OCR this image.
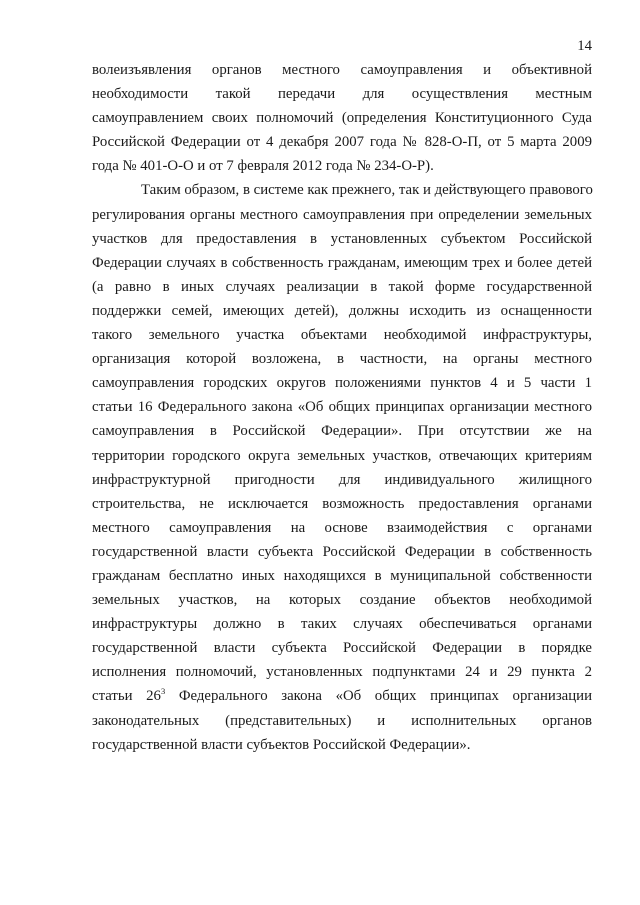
14
волеизъявления органов местного самоуправления и объективной
необходимости такой передачи для осуществления местным
самоуправлением своих полномочий (определения Конституционного Суда
Российской Федерации от 4 декабря 2007 года № 828-О-П, от 5 марта 2009
года № 401-О-О и от 7 февраля 2012 года № 234-О-Р).
Таким образом, в системе как прежнего, так и действующего правового
регулирования органы местного самоуправления при определении земельных
участков для предоставления в установленных субъектом Российской
Федерации случаях в собственность гражданам, имеющим трех и более детей
(а равно в иных случаях реализации в такой форме государственной
поддержки семей, имеющих детей), должны исходить из оснащенности
такого земельного участка объектами необходимой инфраструктуры,
организация которой возложена, в частности, на органы местного
самоуправления городских округов положениями пунктов 4 и 5 части 1
статьи 16 Федерального закона «Об общих принципах организации местного
самоуправления в Российской Федерации». При отсутствии же на
территории городского округа земельных участков, отвечающих критериям
инфраструктурной пригодности для индивидуального жилищного
строительства, не исключается возможность предоставления органами
местного самоуправления на основе взаимодействия с органами
государственной власти субъекта Российской Федерации в собственность
гражданам бесплатно иных находящихся в муниципальной собственности
земельных участков, на которых создание объектов необходимой
инфраструктуры должно в таких случаях обеспечиваться органами
государственной власти субъекта Российской Федерации в порядке
исполнения полномочий, установленных подпунктами 24 и 29 пункта 2
статьи $26^3$ Федерального закона «Об общих принципах организации
законодательных (представительных) и исполнительных органов
государственной власти субъектов Российской Федерации».
